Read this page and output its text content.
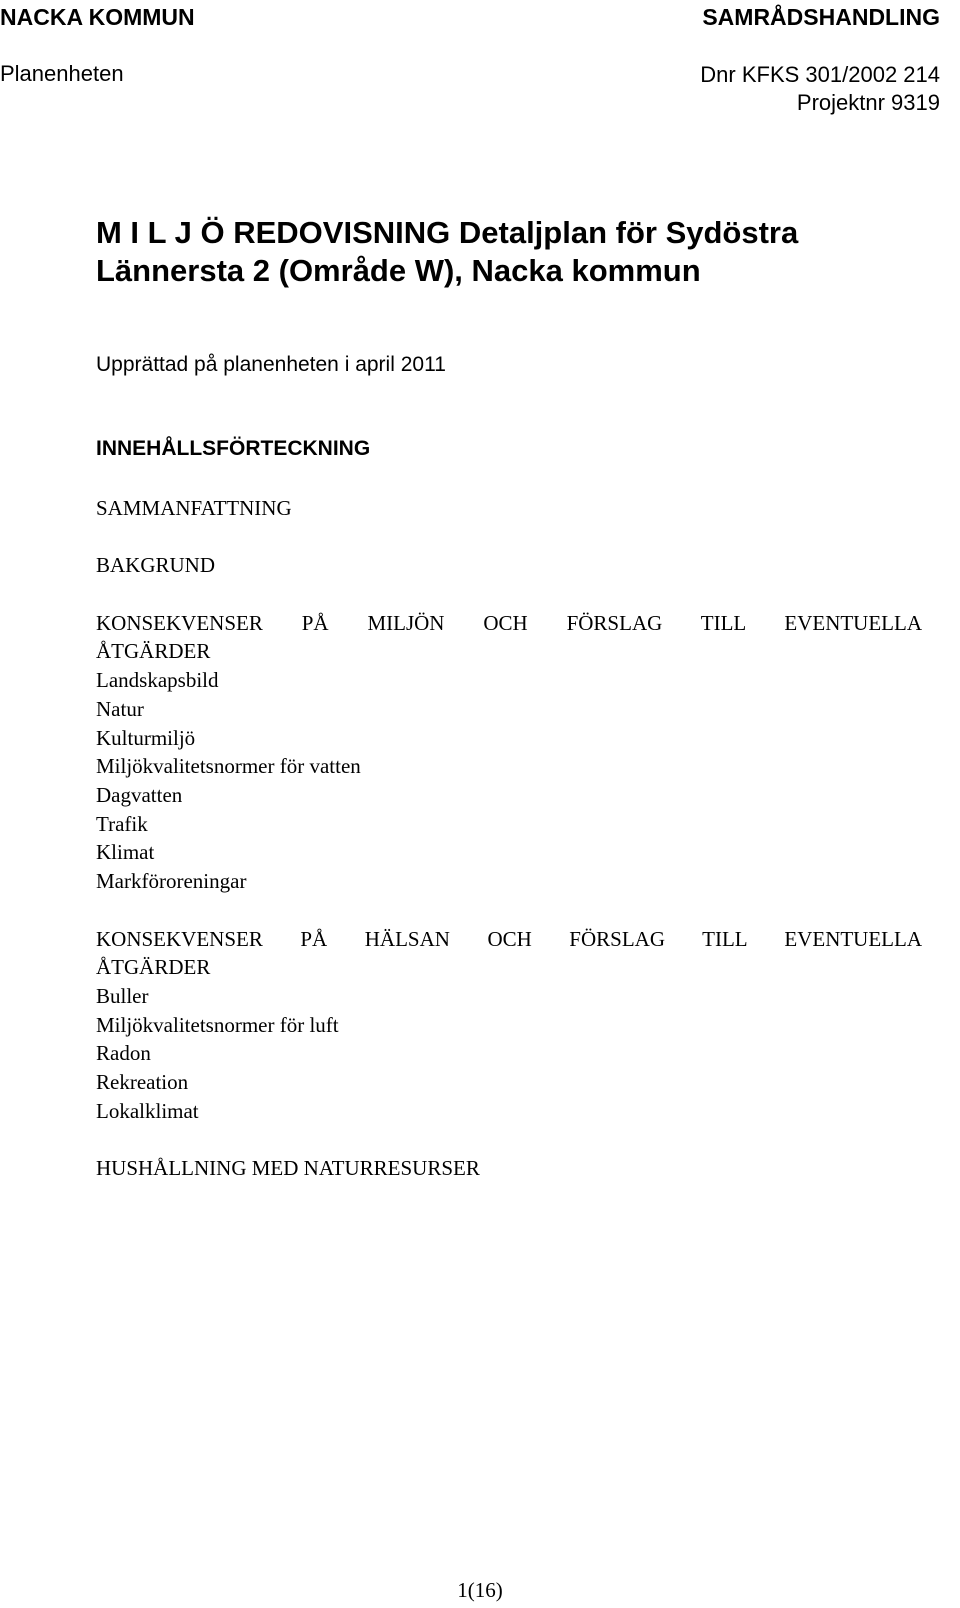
NACKA KOMMUN	SAMRÅDSHANDLING
Planenheten	Dnr KFKS 301/2002 214
Projektnr 9319
M I L J Ö REDOVISNING Detaljplan för Sydöstra Lännersta 2 (Område W), Nacka kommun
Upprättad på planenheten i april 2011
INNEHÅLLSFÖRTECKNING
SAMMANFATTNING
BAKGRUND
KONSEKVENSER PÅ MILJÖN OCH FÖRSLAG TILL EVENTUELLA
ÅTGÄRDER
Landskapsbild
Natur
Kulturmiljö
Miljökvalitetsnormer för vatten
Dagvatten
Trafik
Klimat
Markföroreningar
KONSEKVENSER PÅ HÄLSAN OCH FÖRSLAG TILL EVENTUELLA
ÅTGÄRDER
Buller
Miljökvalitetsnormer för luft
Radon
Rekreation
Lokalklimat
HUSHÅLLNING MED NATURRESURSER
1(16)
